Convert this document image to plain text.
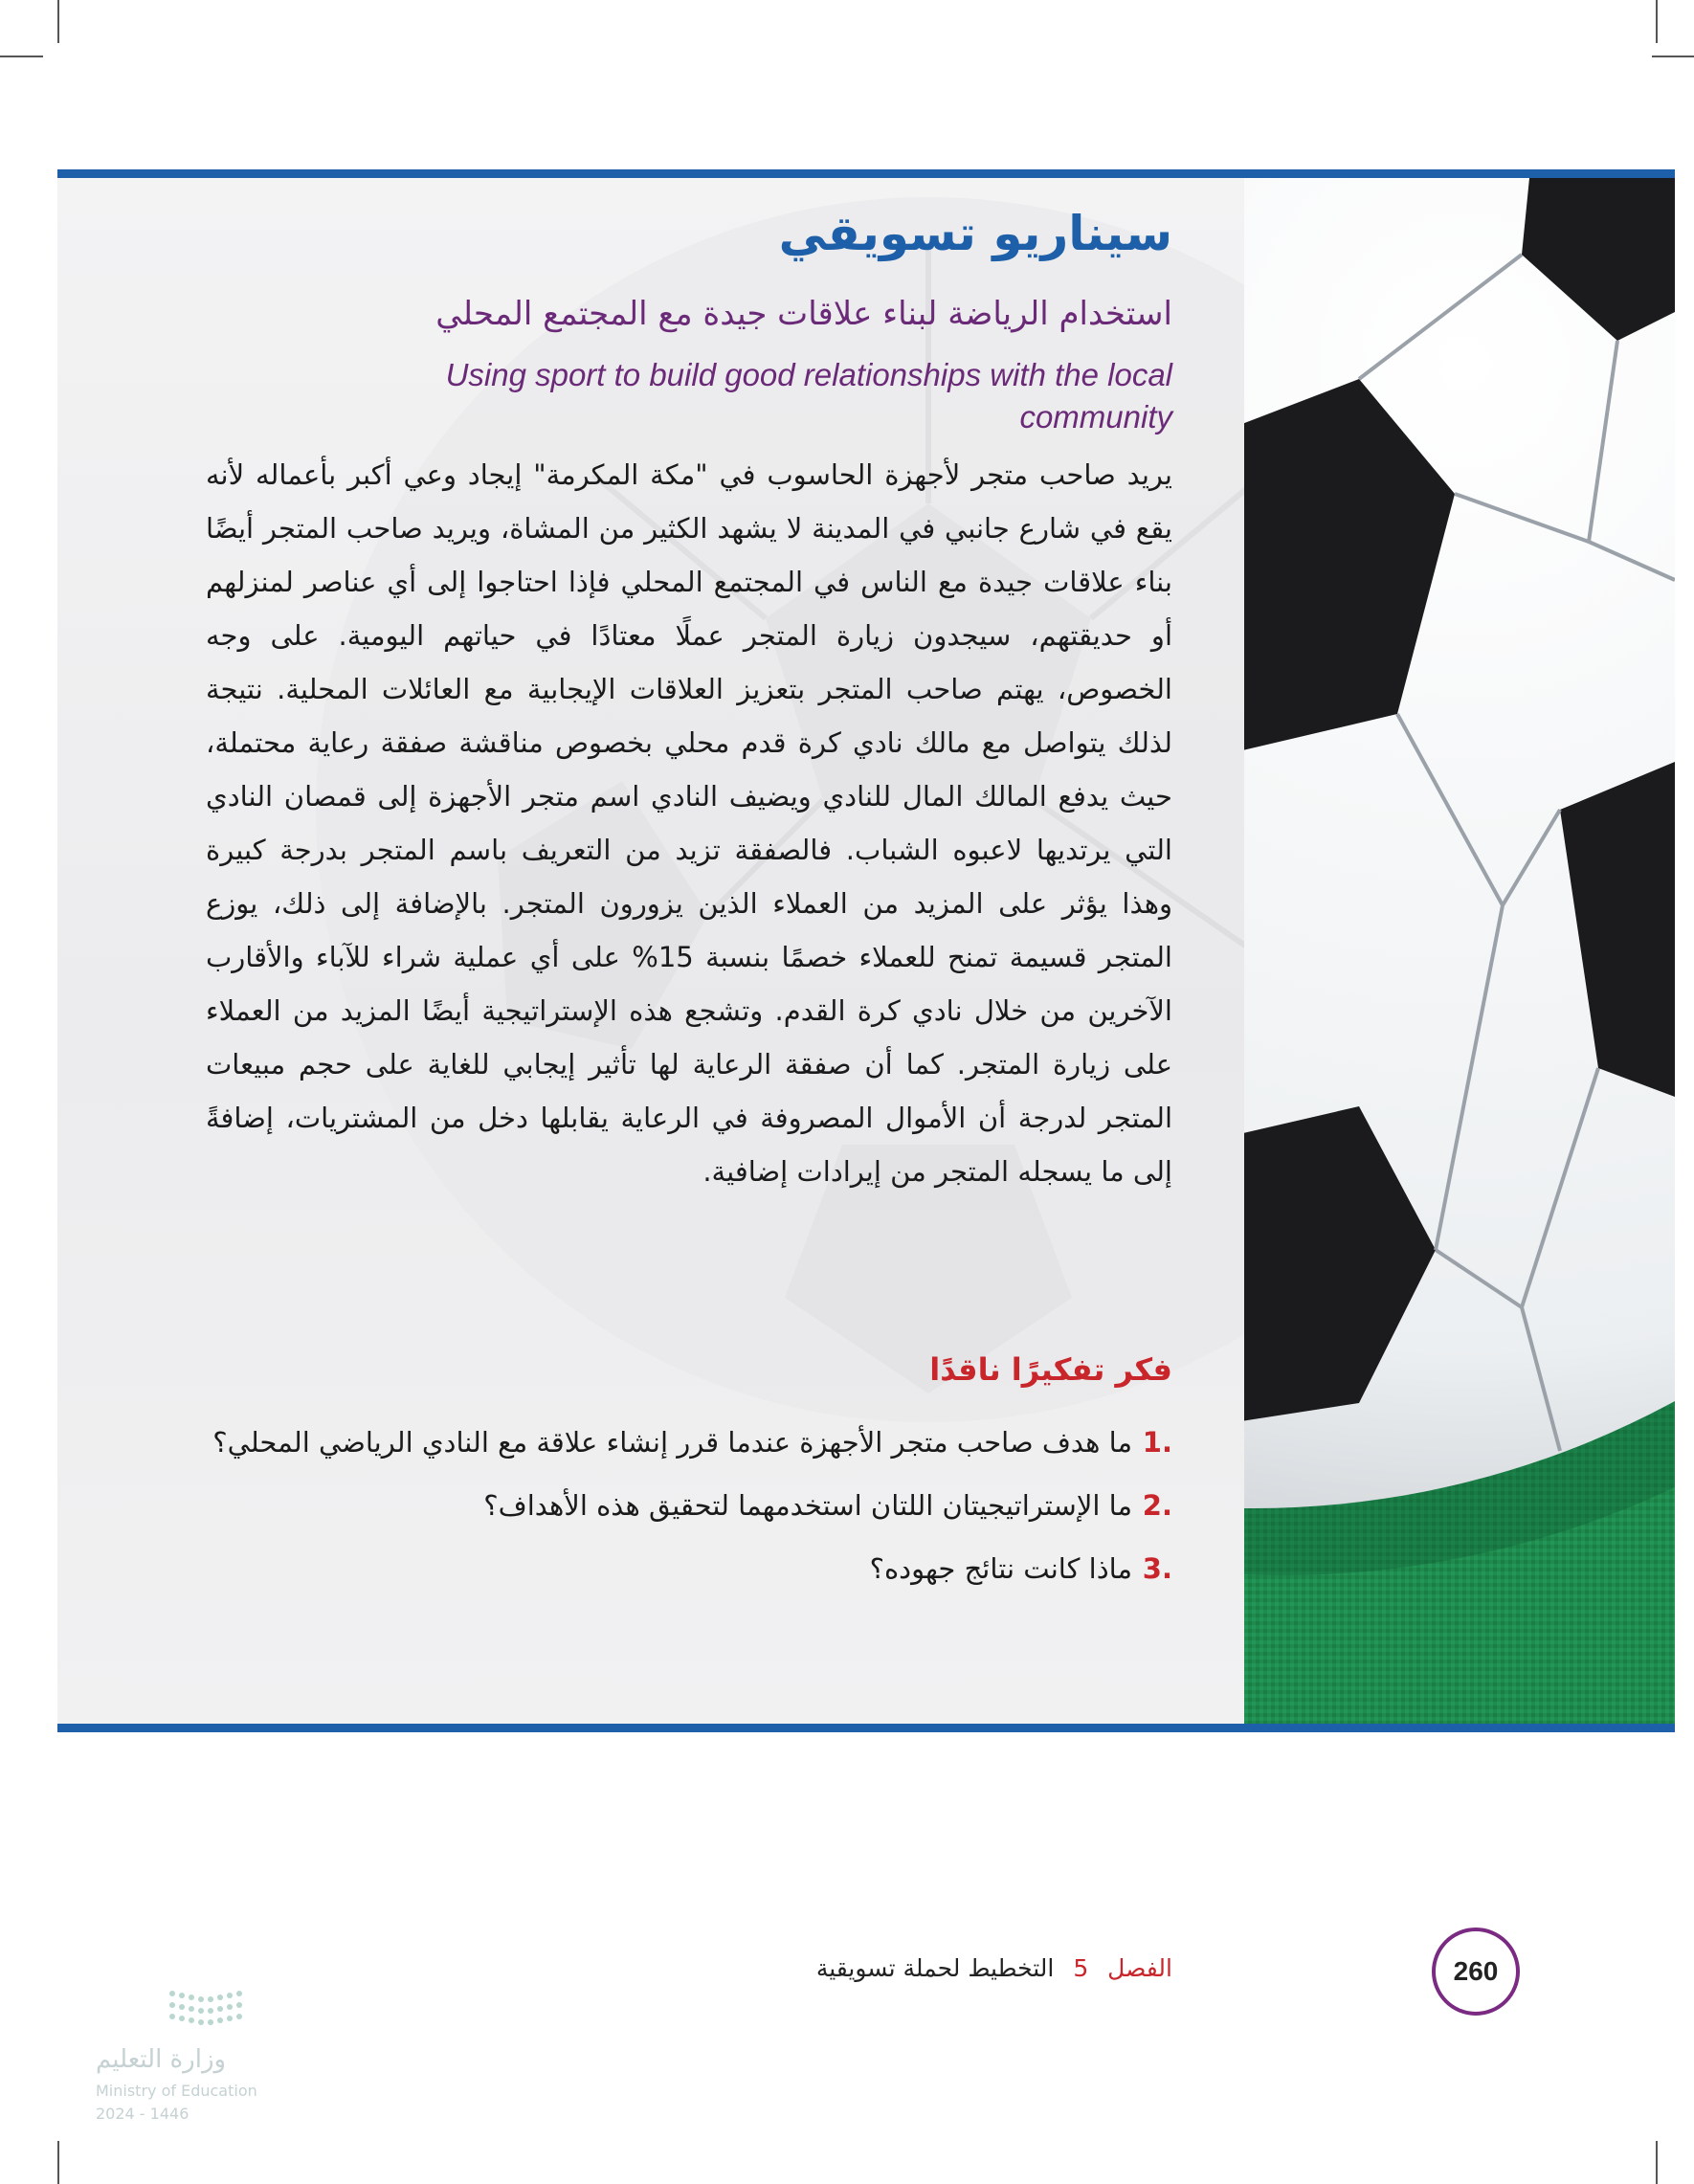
سيناريو تسويقي
استخدام الرياضة لبناء علاقات جيدة مع المجتمع المحلي
Using sport to build good relationships with the local community
يريد صاحب متجر لأجهزة الحاسوب في "مكة المكرمة" إيجاد وعي أكبر بأعماله لأنه يقع في شارع جانبي في المدينة لا يشهد الكثير من المشاة، ويريد صاحب المتجر أيضًا بناء علاقات جيدة مع الناس في المجتمع المحلي فإذا احتاجوا إلى أي عناصر لمنزلهم أو حديقتهم، سيجدون زيارة المتجر عملًا معتادًا في حياتهم اليومية. على وجه الخصوص، يهتم صاحب المتجر بتعزيز العلاقات الإيجابية مع العائلات المحلية. نتيجة لذلك يتواصل مع مالك نادي كرة قدم محلي بخصوص مناقشة صفقة رعاية محتملة، حيث يدفع المالك المال للنادي ويضيف النادي اسم متجر الأجهزة إلى قمصان النادي التي يرتديها لاعبوه الشباب. فالصفقة تزيد من التعريف باسم المتجر بدرجة كبيرة وهذا يؤثر على المزيد من العملاء الذين يزورون المتجر. بالإضافة إلى ذلك، يوزع المتجر قسيمة تمنح للعملاء خصمًا بنسبة 15% على أي عملية شراء للآباء والأقارب الآخرين من خلال نادي كرة القدم. وتشجع هذه الإستراتيجية أيضًا المزيد من العملاء على زيارة المتجر. كما أن صفقة الرعاية لها تأثير إيجابي للغاية على حجم مبيعات المتجر لدرجة أن الأموال المصروفة في الرعاية يقابلها دخل من المشتريات، إضافةً إلى ما يسجله المتجر من إيرادات إضافية.
فكر تفكيرًا ناقدًا
1.
ما هدف صاحب متجر الأجهزة عندما قرر إنشاء علاقة مع النادي الرياضي المحلي؟
2.
ما الإستراتيجيتان اللتان استخدمهما لتحقيق هذه الأهداف؟
3.
ماذا كانت نتائج جهوده؟
260
الفصل 5 التخطيط لحملة تسويقية
وزارة التعليم
Ministry of Education
2024 - 1446
